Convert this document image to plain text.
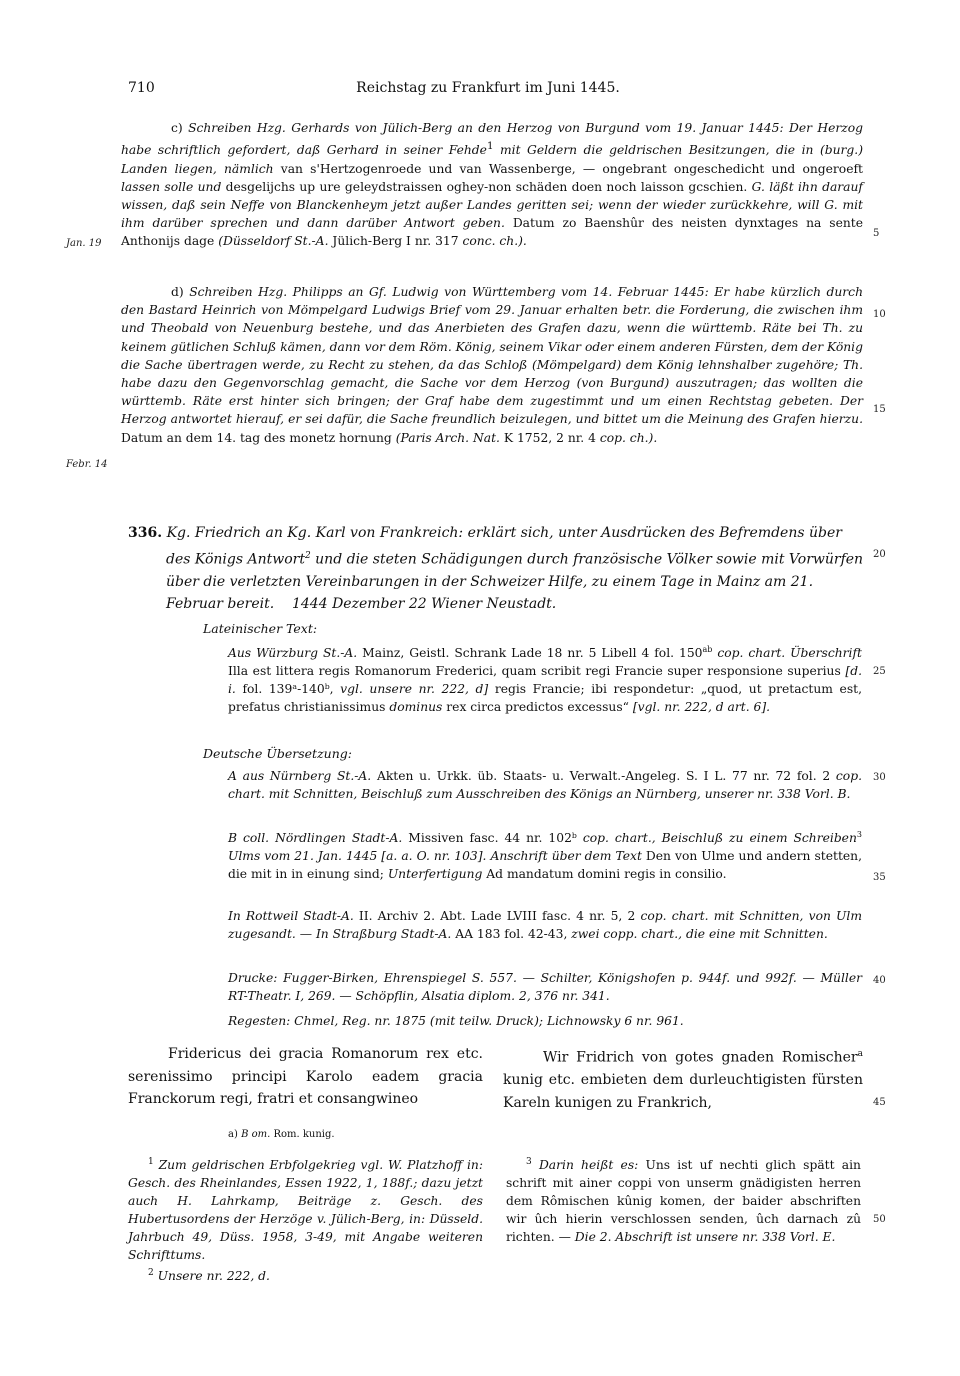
710	Reichstag zu Frankfurt im Juni 1445.
Jan. 19
Febr. 14
5
10
15
20
25
30
35
40
45
50

c) Schreiben Hzg. Gerhards von Jülich-Berg an den Herzog von Burgund vom 19. Januar 1445: Der Herzog habe schriftlich gefordert, daß Gerhard in seiner Fehde$^1$ mit Geldern die geldrischen Besitzungen, die in (burg.) Landen liegen, nämlich van s'Hertzogenroede und van Wassenberge, — ongebrant ongeschedicht und ongeroeft lassen solle und desgelijchs up ure geleydstraissen oghey-non schäden doen noch laisson gcschien. G. läßt ihn darauf wissen, daß sein Neffe von Blanckenheym jetzt außer Landes geritten sei; wenn der wieder zurückkehre, will G. mit ihm darüber sprechen und dann darüber Antwort geben. Datum zo Baenshûr des neisten dynxtages na sente Anthonijs dage (Düsseldorf St.-A. Jülich-Berg I nr. 317 conc. ch.).

d) Schreiben Hzg. Philipps an Gf. Ludwig von Württemberg vom 14. Februar 1445: Er habe kürzlich durch den Bastard Heinrich von Mömpelgard Ludwigs Brief vom 29. Januar erhalten betr. die Forderung, die zwischen ihm und Theobald von Neuenburg bestehe, und das Anerbieten des Grafen dazu, wenn die württemb. Räte bei Th. zu keinem gütlichen Schluß kämen, dann vor dem Röm. König, seinem Vikar oder einem anderen Fürsten, dem der König die Sache übertragen werde, zu Recht zu stehen, da das Schloß (Mömpelgard) dem König lehnshalber zugehöre; Th. habe dazu den Gegenvorschlag gemacht, die Sache vor dem Herzog (von Burgund) auszutragen; das wollten die württemb. Räte erst hinter sich bringen; der Graf habe dem zugestimmt und um einen Rechtstag gebeten. Der Herzog antwortet hierauf, er sei dafür, die Sache freundlich beizulegen, und bittet um die Meinung des Grafen hierzu. Datum an dem 14. tag des monetz hornung (Paris Arch. Nat. K 1752, 2 nr. 4 cop. ch.).

336. Kg. Friedrich an Kg. Karl von Frankreich: erklärt sich, unter Ausdrücken des Befremdens über des Königs Antwort$^2$ und die steten Schädigungen durch französische Völker sowie mit Vorwürfen über die verletzten Vereinbarungen in der Schweizer Hilfe, zu einem Tage in Mainz am 21. Februar bereit. 1444 Dezember 22 Wiener Neustadt.

Lateinischer Text:

Aus Würzburg St.-A. Mainz, Geistl. Schrank Lade 18 nr. 5 Libell 4 fol. $150^{ab}$ cop. chart. Überschrift Illa est littera regis Romanorum Frederici, quam scribit regi Francie super responsione superius [d. i. fol. 139ᵃ-140ᵇ, vgl. unsere nr. 222, d] regis Francie; ibi respondetur: „quod, ut pretactum est, prefatus christianissimus dominus rex circa predictos excessus“ [vgl. nr. 222, d art. 6].

Deutsche Übersetzung:

A aus Nürnberg St.-A. Akten u. Urkk. üb. Staats- u. Verwalt.-Angeleg. S. I L. 77 nr. 72 fol. 2 cop. chart. mit Schnitten, Beischluß zum Ausschreiben des Königs an Nürnberg, unserer nr. 338 Vorl. B.

B coll. Nördlingen Stadt-A. Missiven fasc. 44 nr. 102ᵇ cop. chart., Beischluß zu einem Schreiben$^3$ Ulms vom 21. Jan. 1445 [a. a. O. nr. 103]. Anschrift über dem Text Den von Ulme und andern stetten, die mit in in einung sind; Unterfertigung Ad mandatum domini regis in consilio.

In Rottweil Stadt-A. II. Archiv 2. Abt. Lade LVIII fasc. 4 nr. 5, 2 cop. chart. mit Schnitten, von Ulm zugesandt. — In Straßburg Stadt-A. AA 183 fol. 42-43, zwei copp. chart., die eine mit Schnitten.

Drucke: Fugger-Birken, Ehrenspiegel S. 557. — Schilter, Königshofen p. 944f. und 992f. — Müller RT-Theatr. I, 269. — Schöpflin, Alsatia diplom. 2, 376 nr. 341.

Regesten: Chmel, Reg. nr. 1875 (mit teilw. Druck); Lichnowsky 6 nr. 961.

Fridericus dei gracia Romanorum rex etc. serenissimo principi Karolo eadem gracia Franckorum regi, fratri et consangwineo

Wir Fridrich von gotes gnaden Romischer$^a$ kunig etc. embieten dem durleuchtigisten fürsten Kareln kunigen zu Frankrich,

a) B om. Rom. kunig.

$^1$ Zum geldrischen Erbfolgekrieg vgl. W. Platzhoff in: Gesch. des Rheinlandes, Essen 1922, 1, 188f.; dazu jetzt auch H. Lahrkamp, Beiträge z. Gesch. des Hubertusordens der Herzöge v. Jülich-Berg, in: Düsseld. Jahrbuch 49, Düss. 1958, 3-49, mit Angabe weiteren Schrifttums.

$^2$ Unsere nr. 222, d.

$^3$ Darin heißt es: Uns ist uf nechti glich spätt ain schrift mit ainer coppi von unserm gnädigisten herren dem Rômischen kûnig komen, der baider abschriften wir ûch hierin verschlossen senden, ûch darnach zû richten. — Die 2. Abschrift ist unsere nr. 338 Vorl. E.
